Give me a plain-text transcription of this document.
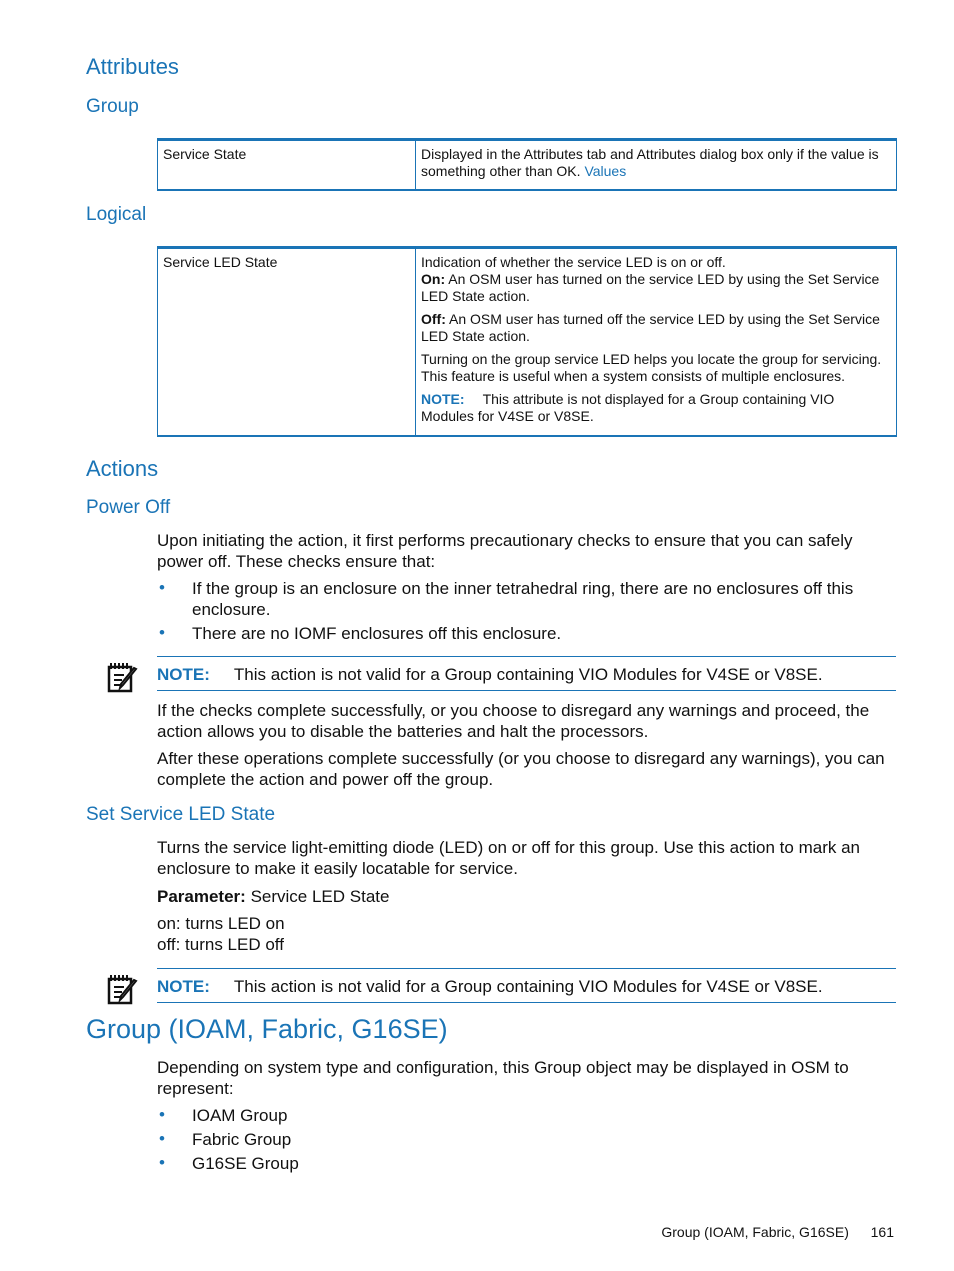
Attributes
Group
Service State	Displayed in the Attributes tab and Attributes dialog box only if the value is something other than OK. Values
Logical
Service LED State	Indication of whether the service LED is on or off.

On: An OSM user has turned on the service LED by using the Set Service LED State action.

Off: An OSM user has turned off the service LED by using the Set Service LED State action.

Turning on the group service LED helps you locate the group for servicing. This feature is useful when a system consists of multiple enclosures.

NOTE: This attribute is not displayed for a Group containing VIO Modules for V4SE or V8SE.

Actions
Power Off
Upon initiating the action, it first performs precautionary checks to ensure that you can safely power off. These checks ensure that:
• If the group is an enclosure on the inner tetrahedral ring, there are no enclosures off this enclosure.
• There are no IOMF enclosures off this enclosure.
NOTE: This action is not valid for a Group containing VIO Modules for V4SE or V8SE.
If the checks complete successfully, or you choose to disregard any warnings and proceed, the action allows you to disable the batteries and halt the processors.
After these operations complete successfully (or you choose to disregard any warnings), you can complete the action and power off the group.
Set Service LED State
Turns the service light-emitting diode (LED) on or off for this group. Use this action to mark an enclosure to make it easily locatable for service.
Parameter: Service LED State
on: turns LED on
off: turns LED off
NOTE: This action is not valid for a Group containing VIO Modules for V4SE or V8SE.
Group (IOAM, Fabric, G16SE)
Depending on system type and configuration, this Group object may be displayed in OSM to represent:
• IOAM Group
• Fabric Group
• G16SE Group
Group (IOAM, Fabric, G16SE) 161
